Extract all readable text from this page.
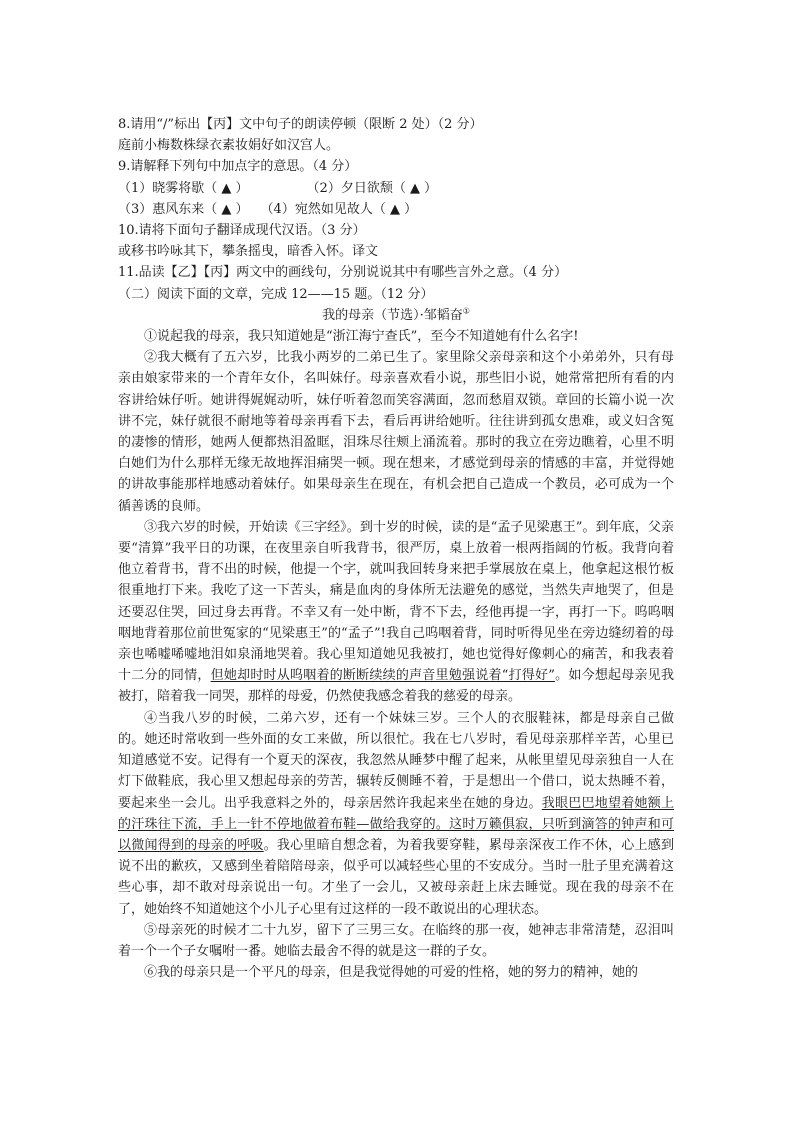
8.请用“/”标出【丙】文中句子的朗读停顿（限断 2 处）（2 分）

庭前小梅数株绿衣素妆娟好如汉宫人。

9.请解释下列句中加点字的意思。（4 分）

（1）晓雾将歇（ ▲ ）	（2）夕日欲颓（ ▲ ）
（3）惠风东来（ ▲ ） （4）宛然如见故人（ ▲ ）

10.请将下面句子翻译成现代汉语。（3 分）

或移书吟咏其下，攀条摇曳，暗香入怀。译文

11.品读【乙】【丙】两文中的画线句，分别说说其中有哪些言外之意。（4 分）

（二）阅读下面的文章，完成 12——15 题。（12 分）

我的母亲（节选）·邹韬奋①

①说起我的母亲，我只知道她是“浙江海宁查氏”，至今不知道她有什么名字!

②我大概有了五六岁，比我小两岁的二弟已生了。家里除父亲母亲和这个小弟弟外，只有母亲由娘家带来的一个青年女仆，名叫妹仔。母亲喜欢看小说，那些旧小说，她常常把所有看的内容讲给妹仔听。她讲得娓娓动听，妹仔听着忽而笑容满面，忽而愁眉双锁。章回的长篇小说一次讲不完，妹仔就很不耐地等着母亲再看下去，看后再讲给她听。往往讲到孤女患难，或义妇含冤的凄惨的情形，她两人便都热泪盈眶，泪珠尽往颊上涌流着。那时的我立在旁边瞧着，心里不明白她们为什么那样无缘无故地挥泪痛哭一顿。现在想来，才感觉到母亲的情感的丰富，并觉得她的讲故事能那样地感动着妹仔。如果母亲生在现在，有机会把自己造成一个教员，必可成为一个循善诱的良师。

③我六岁的时候，开始读《三字经》。到十岁的时候，读的是“孟子见梁惠王”。到年底，父亲要“清算”我平日的功课，在夜里亲自听我背书，很严厉，桌上放着一根两指阔的竹板。我背向着他立着背书，背不出的时候，他提一个字，就叫我回转身来把手掌展放在桌上，他拿起这根竹板很重地打下来。我吃了这一下苦头，痛是血肉的身体所无法避免的感觉，当然失声地哭了，但是还要忍住哭，回过身去再背。不幸又有一处中断，背不下去，经他再提一字，再打一下。呜呜咽咽地背着那位前世冤家的“见梁惠王”的“孟子”!我自己呜咽着背，同时听得见坐在旁边缝纫着的母亲也唏嘘唏嘘地泪如泉涌地哭着。我心里知道她见我被打，她也觉得好像刺心的痛苦，和我表着十二分的同情，但她却时时从呜咽着的断断续续的声音里勉强说着“打得好”。如今想起母亲见我被打，陪着我一同哭，那样的母爱，仍然使我感念着我的慈爱的母亲。

④当我八岁的时候，二弟六岁，还有一个妹妹三岁。三个人的衣服鞋袜，都是母亲自己做的。她还时常收到一些外面的女工来做，所以很忙。我在七八岁时，看见母亲那样辛苦，心里已知道感觉不安。记得有一个夏天的深夜，我忽然从睡梦中醒了起来，从帐里望见母亲独自一人在灯下做鞋底，我心里又想起母亲的劳苦，辗转反侧睡不着，于是想出一个借口，说太热睡不着，要起来坐一会儿。出乎我意料之外的，母亲居然许我起来坐在她的身边。我眼巴巴地望着她额上的汗珠往下流，手上一针不停地做着布鞋—做给我穿的。这时万籁俱寂，只听到滴答的钟声和可以微闻得到的母亲的呼吸。我心里暗自想念着，为着我要穿鞋，累母亲深夜工作不休，心上感到说不出的歉疚，又感到坐着陪陪母亲，似乎可以减轻些心里的不安成分。当时一肚子里充满着这些心事，却不敢对母亲说出一句。才坐了一会儿，又被母亲赶上床去睡觉。现在我的母亲不在了，她始终不知道她这个小儿子心里有过这样的一段不敢说出的心理状态。

⑤母亲死的时候才二十九岁，留下了三男三女。在临终的那一夜，她神志非常清楚，忍泪叫着一个一个子女嘱咐一番。她临去最舍不得的就是这一群的子女。

⑥我的母亲只是一个平凡的母亲，但是我觉得她的可爱的性格，她的努力的精神，她的
